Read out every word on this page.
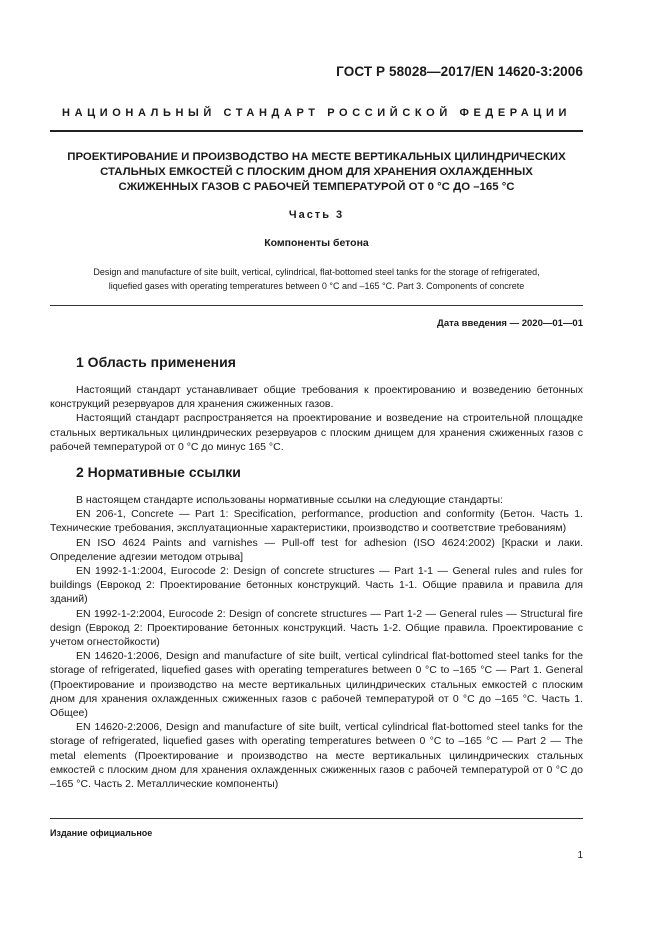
ГОСТ Р 58028—2017/EN 14620-3:2006
НАЦИОНАЛЬНЫЙ СТАНДАРТ РОССИЙСКОЙ ФЕДЕРАЦИИ
ПРОЕКТИРОВАНИЕ И ПРОИЗВОДСТВО НА МЕСТЕ ВЕРТИКАЛЬНЫХ ЦИЛИНДРИЧЕСКИХ
СТАЛЬНЫХ ЕМКОСТЕЙ С ПЛОСКИМ ДНОМ ДЛЯ ХРАНЕНИЯ ОХЛАЖДЕННЫХ
СЖИЖЕННЫХ ГАЗОВ С РАБОЧЕЙ ТЕМПЕРАТУРОЙ ОТ 0 °С ДО –165 °С
Часть 3
Компоненты бетона
Design and manufacture of site built, vertical, cylindrical, flat-bottomed steel tanks for the storage of refrigerated,
liquefied gases with operating temperatures between 0 °C and –165 °C. Part 3. Components of concrete
Дата введения — 2020—01—01
1 Область применения

Настоящий стандарт устанавливает общие требования к проектированию и возведению бетонных конструкций резервуаров для хранения сжиженных газов.

Настоящий стандарт распространяется на проектирование и возведение на строительной площадке стальных вертикальных цилиндрических резервуаров с плоским днищем для хранения сжиженных газов с рабочей температурой от 0 °С до минус 165 °С.

2 Нормативные ссылки

В настоящем стандарте использованы нормативные ссылки на следующие стандарты:

EN 206-1, Concrete — Part 1: Specification, performance, production and conformity (Бетон. Часть 1. Технические требования, эксплуатационные характеристики, производство и соответствие требованиям)

EN ISO 4624 Paints and varnishes — Pull-off test for adhesion (ISO 4624:2002) [Краски и лаки. Определение адгезии методом отрыва]

EN 1992-1-1:2004, Eurocode 2: Design of concrete structures — Part 1-1 — General rules and rules for buildings (Еврокод 2: Проектирование бетонных конструкций. Часть 1-1. Общие правила и правила для зданий)

EN 1992-1-2:2004, Eurocode 2: Design of concrete structures — Part 1-2 — General rules — Structural fire design (Еврокод 2: Проектирование бетонных конструкций. Часть 1-2. Общие правила. Проектирование с учетом огнестойкости)

EN 14620-1:2006, Design and manufacture of site built, vertical cylindrical flat-bottomed steel tanks for the storage of refrigerated, liquefied gases with operating temperatures between 0 °C to –165 °C — Part 1. General (Проектирование и производство на месте вертикальных цилиндрических стальных емкостей с плоским дном для хранения охлажденных сжиженных газов с рабочей температурой от 0 °С до –165 °С. Часть 1. Общее)

EN 14620-2:2006, Design and manufacture of site built, vertical cylindrical flat-bottomed steel tanks for the storage of refrigerated, liquefied gases with operating temperatures between 0 °C to –165 °C — Part 2 — The metal elements (Проектирование и производство на месте вертикальных цилиндрических стальных емкостей с плоским дном для хранения охлажденных сжиженных газов с рабочей температурой от 0 °С до –165 °С. Часть 2. Металлические компоненты)

Издание официальное
1
